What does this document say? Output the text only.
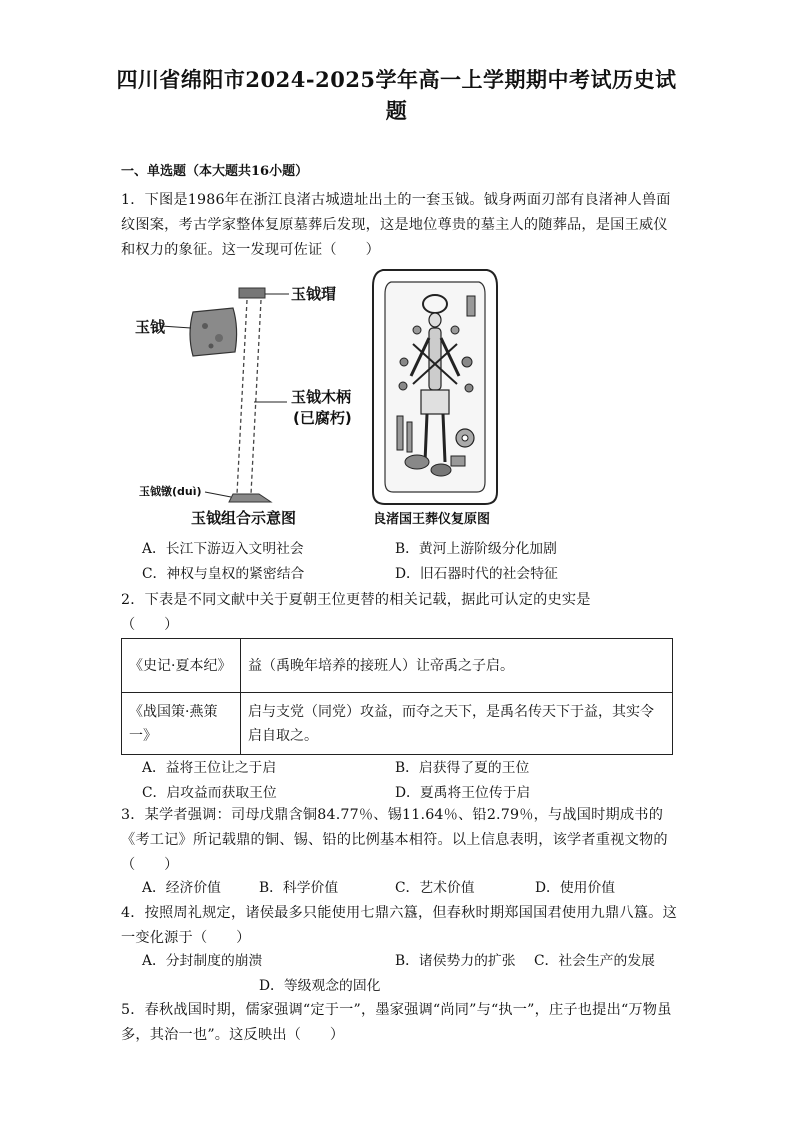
四川省绵阳市2024-2025学年高一上学期期中考试历史试
题
一、单选题（本大题共16小题）
1．下图是1986年在浙江良渚古城遗址出土的一套玉钺。钺身两面刃部有良渚神人兽面纹图案，考古学家整体复原墓葬后发现，这是地位尊贵的墓主人的随葬品，是国王威仪和权力的象征。这一发现可佐证（　　）
玉钺
玉钺瑁
玉钺木柄
(已腐朽)
玉钺镦(duì)
玉钺组合示意图	良渚国王葬仪复原图
A．长江下游迈入文明社会	B．黄河上游阶级分化加剧
C．神权与皇权的紧密结合	D．旧石器时代的社会特征
2．下表是不同文献中关于夏朝王位更替的相关记载，据此可认定的史实是
（　　）
《史记·夏本纪》	益（禹晚年培养的接班人）让帝禹之子启。
《战国策·燕策一》	启与支党（同党）攻益，而夺之天下，是禹名传天下于益，其实令启自取之。
A．益将王位让之于启	B．启获得了夏的王位
C．启攻益而获取王位	D．夏禹将王位传于启
3．某学者强调：司母戊鼎含铜84.77％、锡11.64％、铅2.79％，与战国时期成书的《考工记》所记载鼎的铜、锡、铅的比例基本相符。以上信息表明，该学者重视文物的（　　）
A．经济价值	B．科学价值	C．艺术价值	D．使用价值
4．按照周礼规定，诸侯最多只能使用七鼎六簋，但春秋时期郑国国君使用九鼎八簋。这一变化源于（　　）
A．分封制度的崩溃	B．诸侯势力的扩张 C．社会生产的发展
D．等级观念的固化
5．春秋战国时期，儒家强调“定于一”，墨家强调“尚同”与“执一”，庄子也提出“万物虽多，其治一也”。这反映出（　　）
